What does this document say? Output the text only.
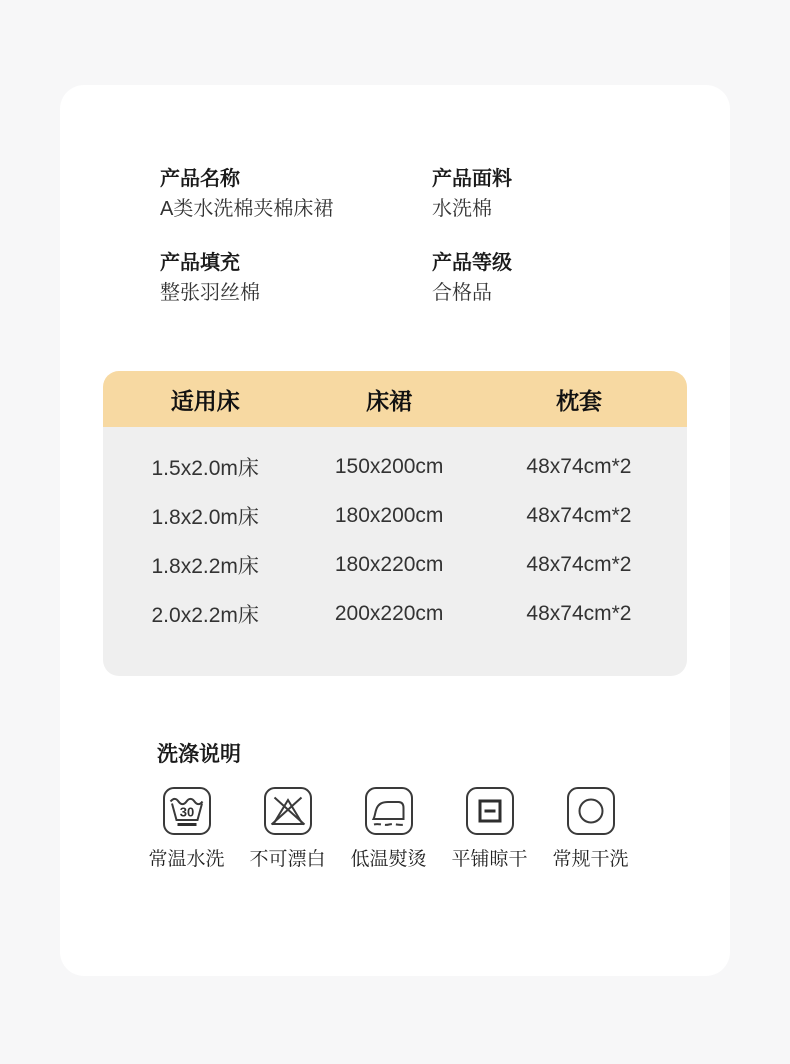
产品名称
A类水洗棉夹棉床裙
产品面料
水洗棉
产品填充
整张羽丝棉
产品等级
合格品
适用床	床裙	枕套
1.5x2.0m床	150x200cm	48x74cm*2
1.8x2.0m床	180x200cm	48x74cm*2
1.8x2.2m床	180x220cm	48x74cm*2
2.0x2.2m床	200x220cm	48x74cm*2
洗涤说明
30
常温水洗	不可漂白	低温熨烫	平铺晾干	常规干洗
